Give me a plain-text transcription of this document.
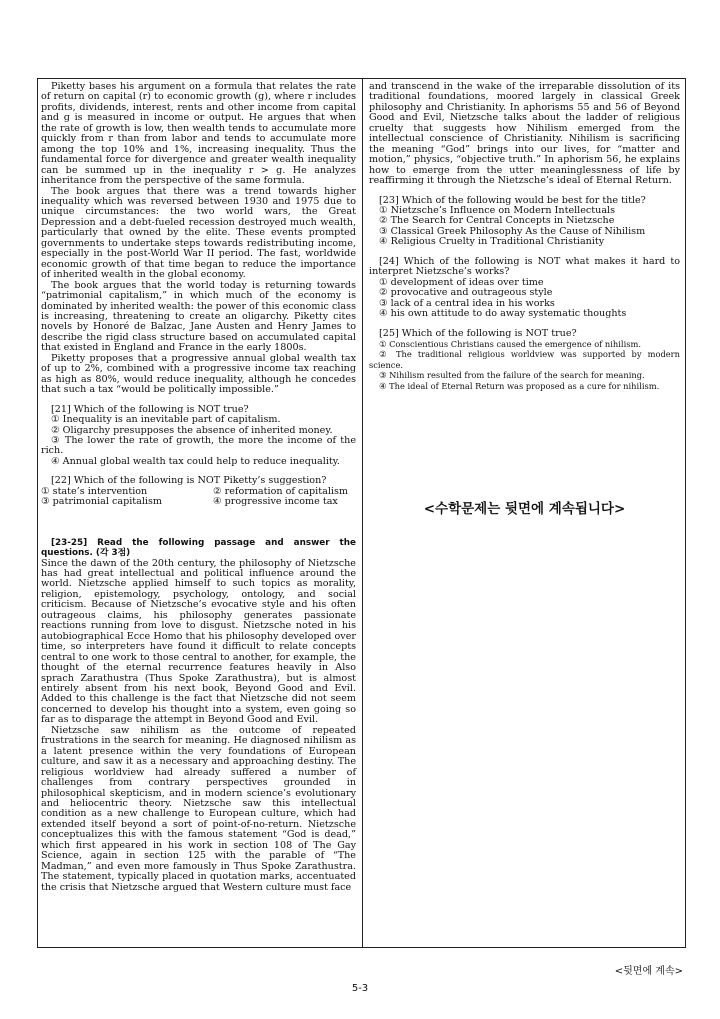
Piketty bases his argument on a formula that relates the rate of return on capital (r) to economic growth (g), where r includes profits, dividends, interest, rents and other income from capital and g is measured in income or output. He argues that when the rate of growth is low, then wealth tends to accumulate more quickly from r than from labor and tends to accumulate more among the top 10% and 1%, increasing inequality. Thus the fundamental force for divergence and greater wealth inequality can be summed up in the inequality r > g. He analyzes inheritance from the perspective of the same formula.

The book argues that there was a trend towards higher inequality which was reversed between 1930 and 1975 due to unique circumstances: the two world wars, the Great Depression and a debt-fueled recession destroyed much wealth, particularly that owned by the elite. These events prompted governments to undertake steps towards redistributing income, especially in the post-World War II period. The fast, worldwide economic growth of that time began to reduce the importance of inherited wealth in the global economy.

The book argues that the world today is returning towards “patrimonial capitalism,” in which much of the economy is dominated by inherited wealth: the power of this economic class is increasing, threatening to create an oligarchy. Piketty cites novels by Honoré de Balzac, Jane Austen and Henry James to describe the rigid class structure based on accumulated capital that existed in England and France in the early 1800s.

Piketty proposes that a progressive annual global wealth tax of up to 2%, combined with a progressive income tax reaching as high as 80%, would reduce inequality, although he concedes that such a tax “would be politically impossible.”

[21] Which of the following is NOT true?

① Inequality is an inevitable part of capitalism.

② Oligarchy presupposes the absence of inherited money.

③ The lower the rate of growth, the more the income of the rich.

④ Annual global wealth tax could help to reduce inequality.

[22] Which of the following is NOT Piketty’s suggestion?

① state’s intervention	② reformation of capitalism
③ patrimonial capitalism	④ progressive income tax

[23-25] Read the following passage and answer the questions. (각 3점)

Since the dawn of the 20th century, the philosophy of Nietzsche has had great intellectual and political influence around the world. Nietzsche applied himself to such topics as morality, religion, epistemology, psychology, ontology, and social criticism. Because of Nietzsche’s evocative style and his often outrageous claims, his philosophy generates passionate reactions running from love to disgust. Nietzsche noted in his autobiographical Ecce Homo that his philosophy developed over time, so interpreters have found it difficult to relate concepts central to one work to those central to another, for example, the thought of the eternal recurrence features heavily in Also sprach Zarathustra (Thus Spoke Zarathustra), but is almost entirely absent from his next book, Beyond Good and Evil. Added to this challenge is the fact that Nietzsche did not seem concerned to develop his thought into a system, even going so far as to disparage the attempt in Beyond Good and Evil.

Nietzsche saw nihilism as the outcome of repeated frustrations in the search for meaning. He diagnosed nihilism as a latent presence within the very foundations of European culture, and saw it as a necessary and approaching destiny. The religious worldview had already suffered a number of challenges from contrary perspectives grounded in philosophical skepticism, and in modern science’s evolutionary and heliocentric theory. Nietzsche saw this intellectual condition as a new challenge to European culture, which had extended itself beyond a sort of point-of-no-return. Nietzsche conceptualizes this with the famous statement “God is dead,” which first appeared in his work in section 108 of The Gay Science, again in section 125 with the parable of “The Madman,” and even more famously in Thus Spoke Zarathustra. The statement, typically placed in quotation marks, accentuated the crisis that Nietzsche argued that Western culture must face

and transcend in the wake of the irreparable dissolution of its traditional foundations, moored largely in classical Greek philosophy and Christianity. In aphorisms 55 and 56 of Beyond Good and Evil, Nietzsche talks about the ladder of religious cruelty that suggests how Nihilism emerged from the intellectual conscience of Christianity. Nihilism is sacrificing the meaning “God” brings into our lives, for “matter and motion,” physics, “objective truth.” In aphorism 56, he explains how to emerge from the utter meaninglessness of life by reaffirming it through the Nietzsche’s ideal of Eternal Return.

[23] Which of the following would be best for the title?

① Nietzsche’s Influence on Modern Intellectuals

② The Search for Central Concepts in Nietzsche

③ Classical Greek Philosophy As the Cause of Nihilism

④ Religious Cruelty in Traditional Christianity

[24] Which of the following is NOT what makes it hard to interpret Nietzsche’s works?

① development of ideas over time

② provocative and outrageous style

③ lack of a central idea in his works

④ his own attitude to do away systematic thoughts

[25] Which of the following is NOT true?

① Conscientious Christians caused the emergence of nihilism.

② The traditional religious worldview was supported by modern science.

③ Nihilism resulted from the failure of the search for meaning.

④ The ideal of Eternal Return was proposed as a cure for nihilism.

<수학문제는 뒷면에 계속됩니다>
<뒷면에 계속>
5-3
